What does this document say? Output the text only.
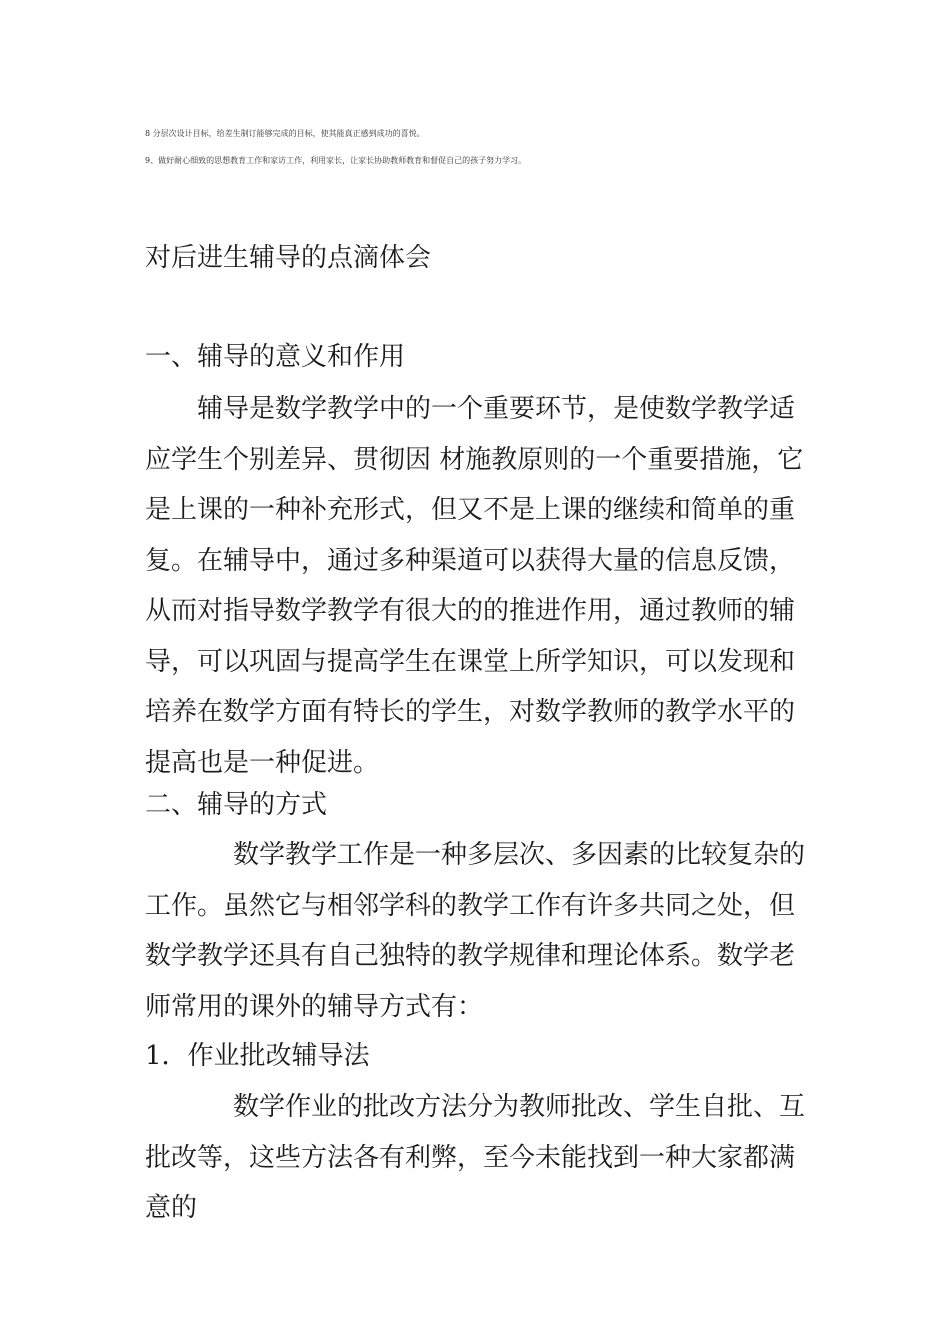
8 分层次设计目标，给差生制订能够完成的目标，使其能真正感到成功的喜悦。
9、做好耐心细致的思想教育工作和家访工作，利用家长，让家长协助教师教育和督促自己的孩子努力学习。
对后进生辅导的点滴体会
一、辅导的意义和作用
辅导是数学教学中的一个重要环节，是使数学教学适应学生个别差异、贯彻因 材施教原则的一个重要措施，它是上课的一种补充形式，但又不是上课的继续和简单的重复。在辅导中，通过多种渠道可以获得大量的信息反馈，从而对指导数学教学有很大的的推进作用，通过教师的辅导，可以巩固与提高学生在课堂上所学知识，可以发现和培养在数学方面有特长的学生，对数学教师的教学水平的提高也是一种促进。
二、辅导的方式
数学教学工作是一种多层次、多因素的比较复杂的工作。虽然它与相邻学科的教学工作有许多共同之处，但数学教学还具有自己独特的教学规律和理论体系。数学老师常用的课外的辅导方式有：
1．作业批改辅导法
数学作业的批改方法分为教师批改、学生自批、互批改等，这些方法各有利弊，至今未能找到一种大家都满意的
